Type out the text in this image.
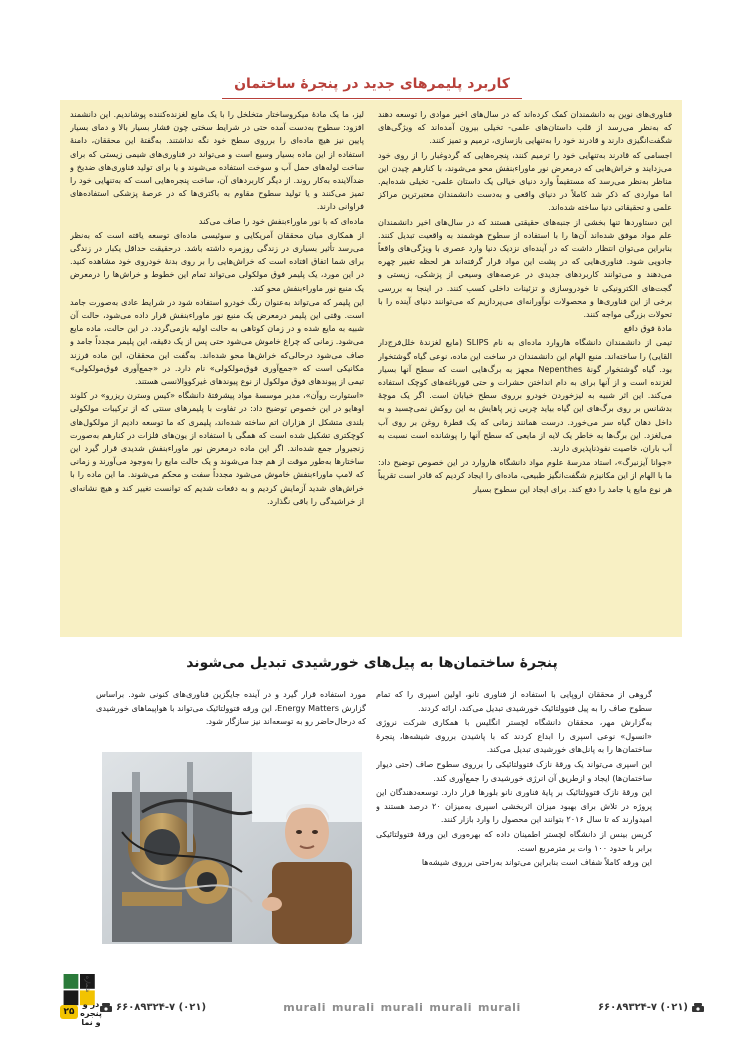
کاربرد پلیمرهای جدید در پنجرۀ ساختمان

فناوری‌های نوین به دانشمندان کمک کرده‌اند که در سال‌های اخیر موادی را توسعه دهند که به‌نظر می‌رسد از قلب داستان‌های علمی- تخیلی بیرون آمده‌اند که ویژگی‌های شگفت‌انگیزی دارند و قادرند خود را به‌تنهایی بازسازی، ترمیم و تمیز کنند.

اجسامی که قادرند به‌تنهایی خود را ترمیم کنند، پنجره‌هایی که گردوغبار را از روی خود می‌زدایند و خراش‌هایی که درمعرض نور ماوراءبنفش محو می‌شوند، با کنارهم چیدن این مناظر به‌نظر می‌رسد که مستقیماً وارد دنیای خیالی یک داستان علمی- تخیلی شده‌ایم. اما مواردی که ذکر شد کاملاً در دنیای واقعی و به‌دست دانشمندان معتبرترین مراکز علمی و تحقیقاتی دنیا ساخته شده‌اند.

این دستاوردها تنها بخشی از جنبه‌های حقیقتی هستند که در سال‌های اخیر دانشمندان علم مواد موفق شده‌اند آن‌ها را با استفاده از سطوح هوشمند به واقعیت تبدیل کنند. بنابراین می‌توان انتظار داشت که در آینده‌ای نزدیک دنیا وارد عصری با ویژگی‌های واقعاً جادویی شود. فناوری‌هایی که در پشت این مواد قرار گرفته‌اند هر لحظه تغییر چهره می‌دهند و می‌توانند کاربردهای جدیدی در عرصه‌های وسیعی از پزشکی، زیستی و گجت‌های الکترونیکی تا خودروسازی و تزئینات داخلی کسب کنند. در اینجا به بررسی برخی از این فناوری‌ها و محصولات نوآورانه‌ای می‌پردازیم که می‌توانند دنیای آینده را با تحولات بزرگی مواجه کنند.

مادۀ فوق دافع

تیمی از دانشمندان دانشگاه هاروارد ماده‌ای به نام SLIPS (مایع لغزندۀ خلل‌فرج‌دار القایی) را ساخته‌اند. منبع الهام این دانشمندان در ساخت این ماده، نوعی گیاه گوشتخوار بود. گیاه گوشتخوار گونۀ Nepenthes مجهز به برگ‌هایی است که سطح آنها بسیار لغزنده است و از آنها برای به دام انداختن حشرات و حتی قورباغه‌های کوچک استفاده می‌کند. این اثر شبیه به لیزخوردن خودرو برروی سطح خیابان است. اگر یک موچۀ بدشانس بر روی برگ‌های این گیاه بیاید چربی زیر پاهایش به این روکش نمی‌چسبد و به داخل دهان گیاه سر می‌خورد. درست همانند زمانی که یک قطرۀ روغن بر روی آب می‌لغزد. این برگ‌ها به خاطر یک لایه از مایعی که سطح آنها را پوشانده است نسبت به آب باران، خاصیت نفوذناپذیری دارند.

«جوانا آیزنبرگ»، استاد مدرسۀ علوم مواد دانشگاه هاروارد در این خصوص توضیح داد: ما با الهام از این مکانیزم شگفت‌انگیز طبیعی، ماده‌ای را ایجاد کردیم که قادر است تقریباً هر نوع مایع یا جامد را دفع کند. برای ایجاد این سطوح بسیار

لیز، ما یک مادۀ میکروساختار متخلخل را با یک مایع لغزنده‌کننده پوشاندیم. این دانشمند افزود: سطوح به‌دست آمده حتی در شرایط سختی چون فشار بسیار بالا و دمای بسیار پایین نیز هیچ ماده‌ای را برروی سطح خود نگه نداشتند. به‌گفتۀ این محققان، دامنۀ استفاده از این ماده بسیار وسیع است و می‌تواند در فناوری‌های شیمی زیستی که برای ساخت لوله‌های حمل آب و سوخت استفاده می‌شوند و یا برای تولید فناوری‌های ضدیخ و ضدآلاینده به‌کار روند. از دیگر کاربردهای آن، ساخت پنجره‌هایی است که به‌تنهایی خود را تمیز می‌کنند و یا تولید سطوح مقاوم به باکتری‌ها که در عرصۀ پزشکی استفاده‌های فراوانی دارند.

ماده‌ای که با نور ماوراءبنفش خود را صاف می‌کند

از همکاری میان محققان آمریکایی و سوئیسی ماده‌ای توسعه یافته است که به‌نظر می‌رسد تأثیر بسیاری در زندگی روزمره داشته باشد. درحقیقت حداقل یکبار در زندگی برای شما اتفاق افتاده است که خراش‌هایی را بر روی بدنۀ خودروی خود مشاهده کنید. در این مورد، یک پلیمر فوق مولکولی می‌تواند تمام این خطوط و خراش‌ها را درمعرض یک منبع نور ماوراءبنفش محو کند.

این پلیمر که می‌تواند به‌عنوان رنگ خودرو استفاده شود در شرایط عادی به‌صورت جامد است. وقتی این پلیمر درمعرض یک منبع نور ماوراءبنفش قرار داده می‌شود، حالت آن شبیه به مایع شده و در زمان کوتاهی به حالت اولیه بازمی‌گردد. در این حالت، ماده مایع می‌شود. زمانی که چراغ خاموش می‌شود حتی پس از یک دقیقه، این پلیمر مجدداً جامد و صاف می‌شود درحالی‌که خراش‌ها محو شده‌اند. به‌گفت این محققان، این ماده فرزند مکانیکی است که «جمع‌آوری فوق‌مولکولی» نام دارد. در «جمع‌آوری فوق‌مولکولی» تیمی از پیوندهای فوق مولکول از نوع پیوندهای غیرکووالانسی هستند.

«استوارت روآن»، مدیر موسسۀ مواد پیشرفتۀ دانشگاه «کیس وسترن ریزرو» در کلوند اوهایو در این خصوص توضیح داد: در تفاوت با پلیمرهای سنتی که از ترکیبات مولکولی بلندی متشکل از هزاران اتم ساخته شده‌اند، پلیمری که ما توسعه دادیم از مولکول‌های کوچکتری تشکیل شده است که همگی با استفاده از یون‌های فلزات در کنارهم به‌صورت زنجیروار جمع شده‌اند. اگر این ماده درمعرض نور ماوراءبنفش شدیدی قرار گیرد این ساختارها به‌طور موقت از هم جدا می‌شوند و یک حالت مایع را به‌وجود می‌آورند و زمانی که لامپ ماوراءبنفش خاموش می‌شود مجدداً سفت و محکم می‌شوند. ما این ماده را با خراش‌های شدید آزمایش کردیم و به دفعات شدیم که توانست تغییر کند و هیچ نشانه‌ای از خراشیدگی را باقی نگذارد.

پنجرۀ ساختمان‌ها به پیل‌های خورشیدی تبدیل می‌شوند

گروهی از محققان اروپایی با استفاده از فناوری نانو، اولین اسپری را که تمام سطوح صاف را به پیل فتوولتائیک خورشیدی تبدیل می‌کند، ارائه کردند.

به‌گزارش مهر، محققان دانشگاه لچستر انگلیس با همکاری شرکت نروژی «انسول» نوعی اسپری را ابداع کردند که با پاشیدن برروی شیشه‌ها، پنجرۀ ساختمان‌ها را به پانل‌های خورشیدی تبدیل می‌کند.

این اسپری می‌تواند یک ورقۀ نازک فتوولتائیکی را برروی سطوح صاف (حتی دیوار ساختمان‌ها) ایجاد و ازطریق آن انرژی خورشیدی را جمع‌آوری کند.

این ورقۀ نازک فتوولتائیک بر پایۀ فناوری نانو بلورها قرار دارد. توسعه‌دهندگان این پروژه در تلاش برای بهبود میزان اثربخشی اسپری به‌میزان ۲۰ درصد هستند و امیدوارند که تا سال ۲۰۱۶ بتوانند این محصول را وارد بازار کنند.

کریس بینس از دانشگاه لچستر اطمینان داده که بهره‌وری این ورقۀ فتوولتائیکی برابر با حدود ۱۰۰ وات بر مترمربع است.

این ورقه کاملاً شفاف است بنابراین می‌تواند به‌راحتی برروی شیشه‌ها

مورد استفاده قرار گیرد و در آینده جایگزین فناوری‌های کنونی شود. براساس گزارش Energy Matters، این ورقه فتوولتائیک می‌تواند با هواپیماهای خورشیدی که درحال‌حاضر رو به توسعه‌اند نیز سازگار شود.

(۰۲۱) ۶۶۰۸۹۳۲۴-۷
murali murali murali murali murali
(۰۲۱) ۶۶۰۸۹۳۲۴-۷
شماره
۲۵
در و پنجره و نما
